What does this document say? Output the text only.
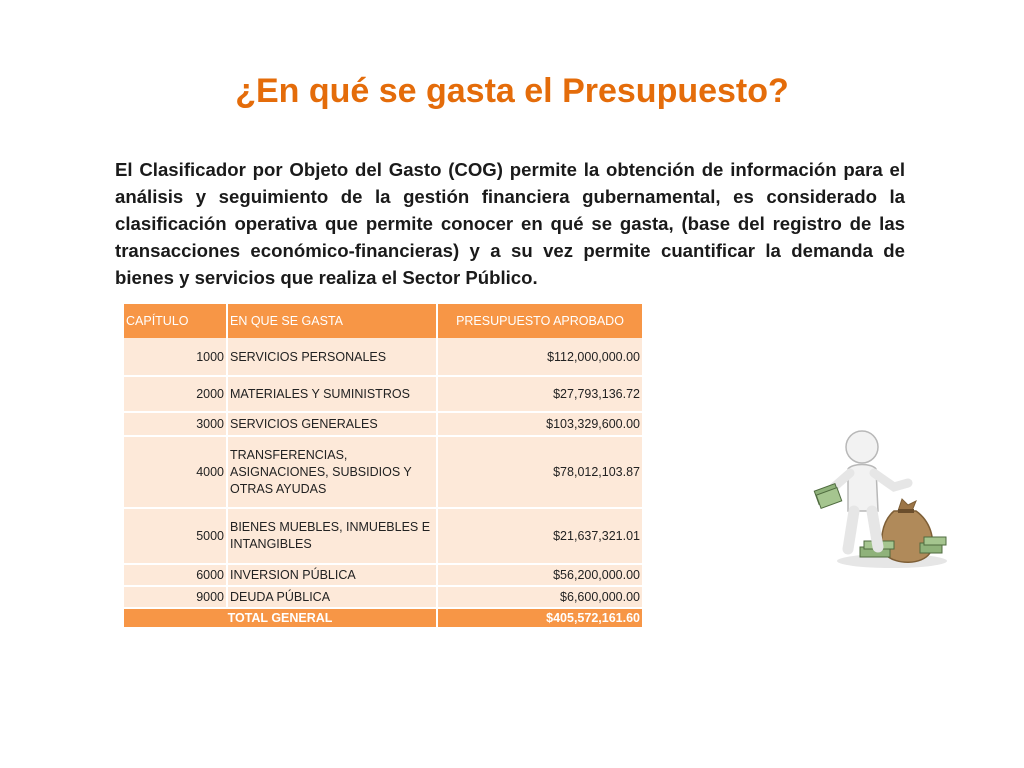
¿En qué se gasta el Presupuesto?
El Clasificador por Objeto del Gasto (COG) permite la obtención de información para el análisis y seguimiento de la gestión financiera gubernamental, es considerado la clasificación operativa que permite conocer en qué se gasta, (base del registro de las transacciones económico-financieras) y a su vez permite cuantificar la demanda de bienes y servicios que realiza el Sector Público.
CAPÍTULO	EN QUE SE GASTA	PRESUPUESTO APROBADO
1000	SERVICIOS PERSONALES	$112,000,000.00
2000	MATERIALES Y SUMINISTROS	$27,793,136.72
3000	SERVICIOS GENERALES	$103,329,600.00
4000	TRANSFERENCIAS, ASIGNACIONES, SUBSIDIOS Y OTRAS AYUDAS	$78,012,103.87
5000	BIENES MUEBLES, INMUEBLES E INTANGIBLES	$21,637,321.01
6000	INVERSION PÚBLICA	$56,200,000.00
9000	DEUDA PÚBLICA	$6,600,000.00
TOTAL GENERAL		$405,572,161.60
